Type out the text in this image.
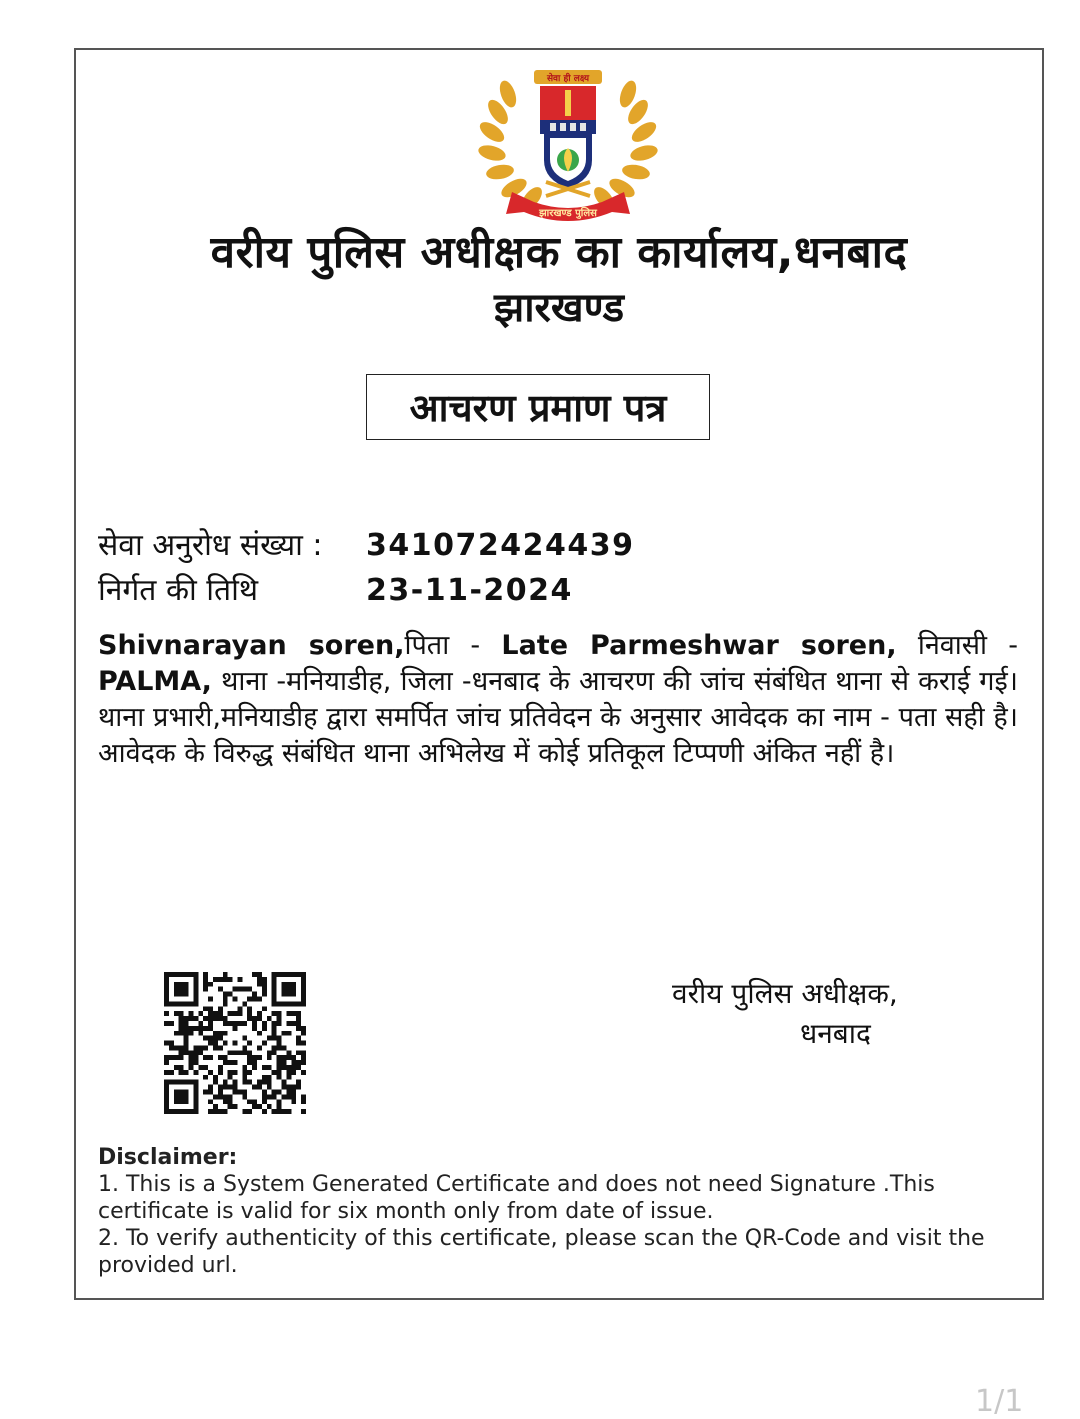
सेवा ही लक्ष्य
झारखण्ड पुलिस
वरीय पुलिस अधीक्षक का कार्यालय,धनबाद
झारखण्ड
आचरण प्रमाण पत्र
सेवा अनुरोध संख्या :	341072424439
निर्गत की तिथि	23-11-2024
Shivnarayan soren,पिता - Late Parmeshwar soren, निवासी - PALMA, थाना -मनियाडीह, जिला -धनबाद के आचरण की जांच संबंधित थाना से कराई गई। थाना प्रभारी,मनियाडीह द्वारा समर्पित जांच प्रतिवेदन के अनुसार आवेदक का नाम - पता सही है। आवेदक के विरुद्ध संबंधित थाना अभिलेख में कोई प्रतिकूल टिप्पणी अंकित नहीं है।
वरीय पुलिस अधीक्षक,
धनबाद
Disclaimer:
1. This is a System Generated Certificate and does not need Signature .This certificate is valid for six month only from date of issue.
2. To verify authenticity of this certificate, please scan the QR-Code and visit the provided url.
1/1
